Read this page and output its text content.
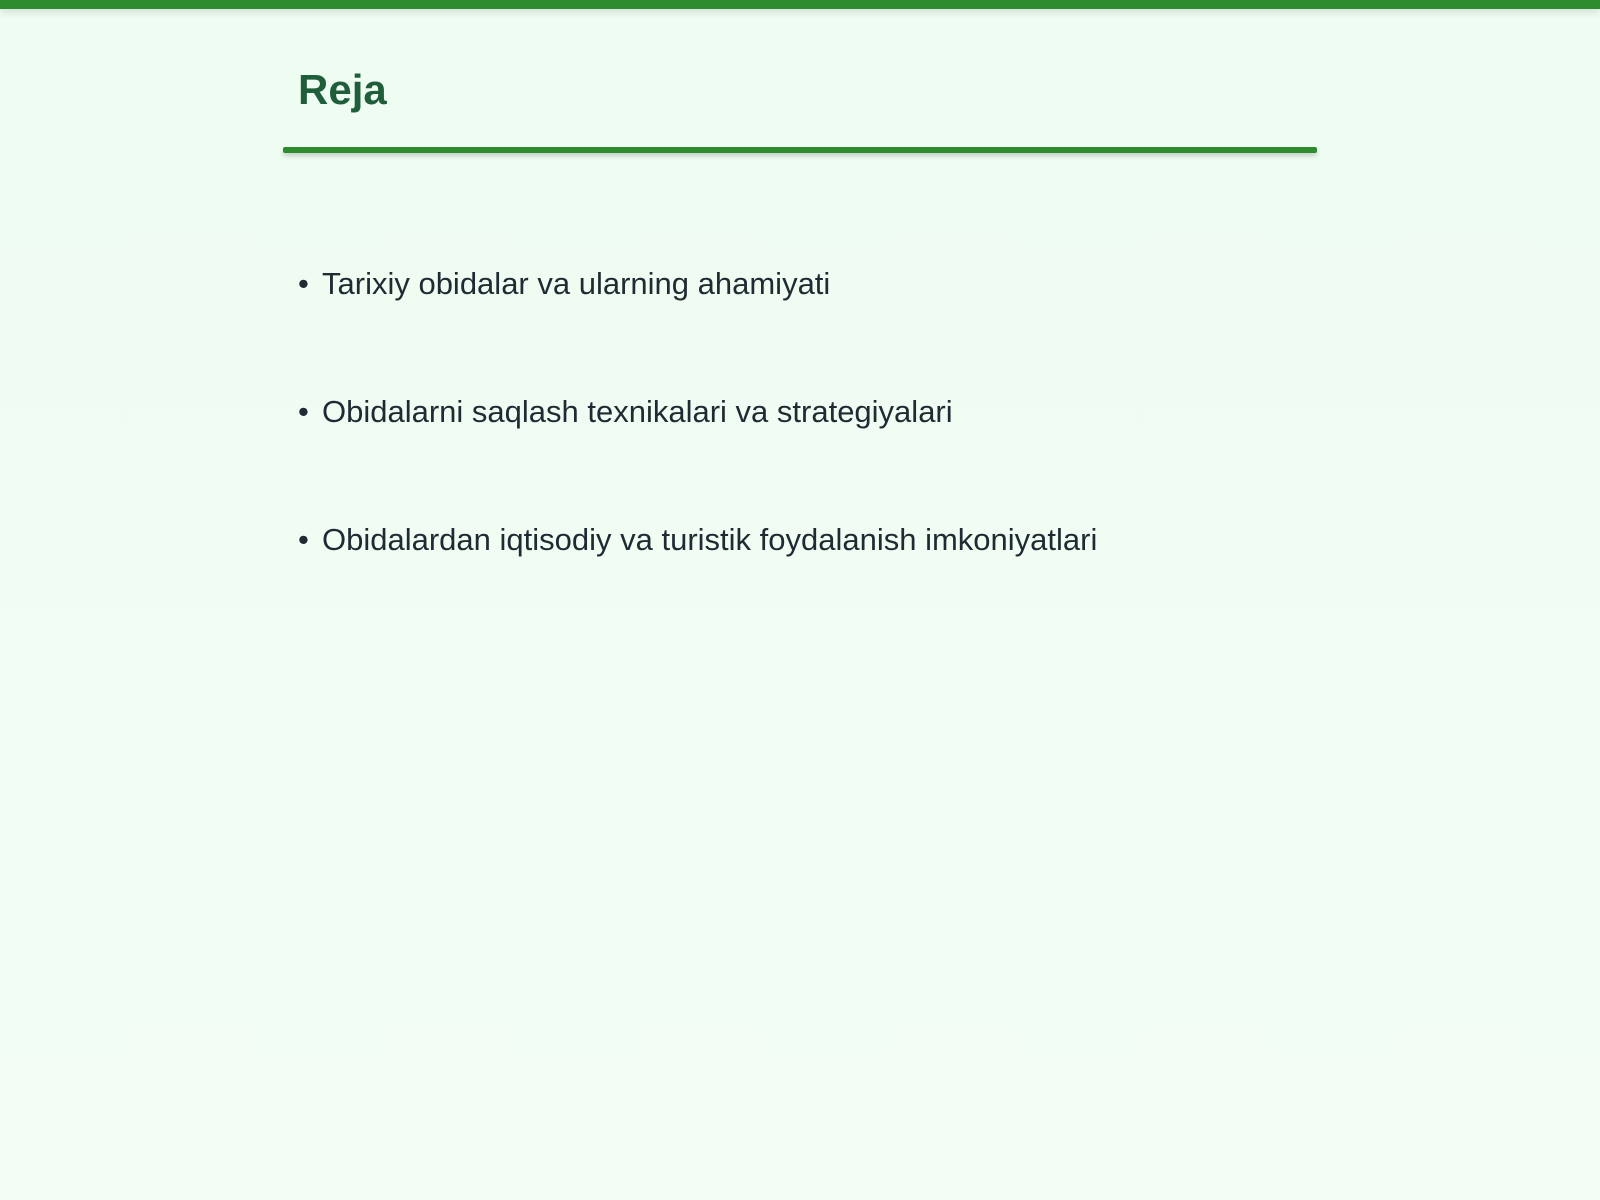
Reja
• Tarixiy obidalar va ularning ahamiyati
• Obidalarni saqlash texnikalari va strategiyalari
• Obidalardan iqtisodiy va turistik foydalanish imkoniyatlari
